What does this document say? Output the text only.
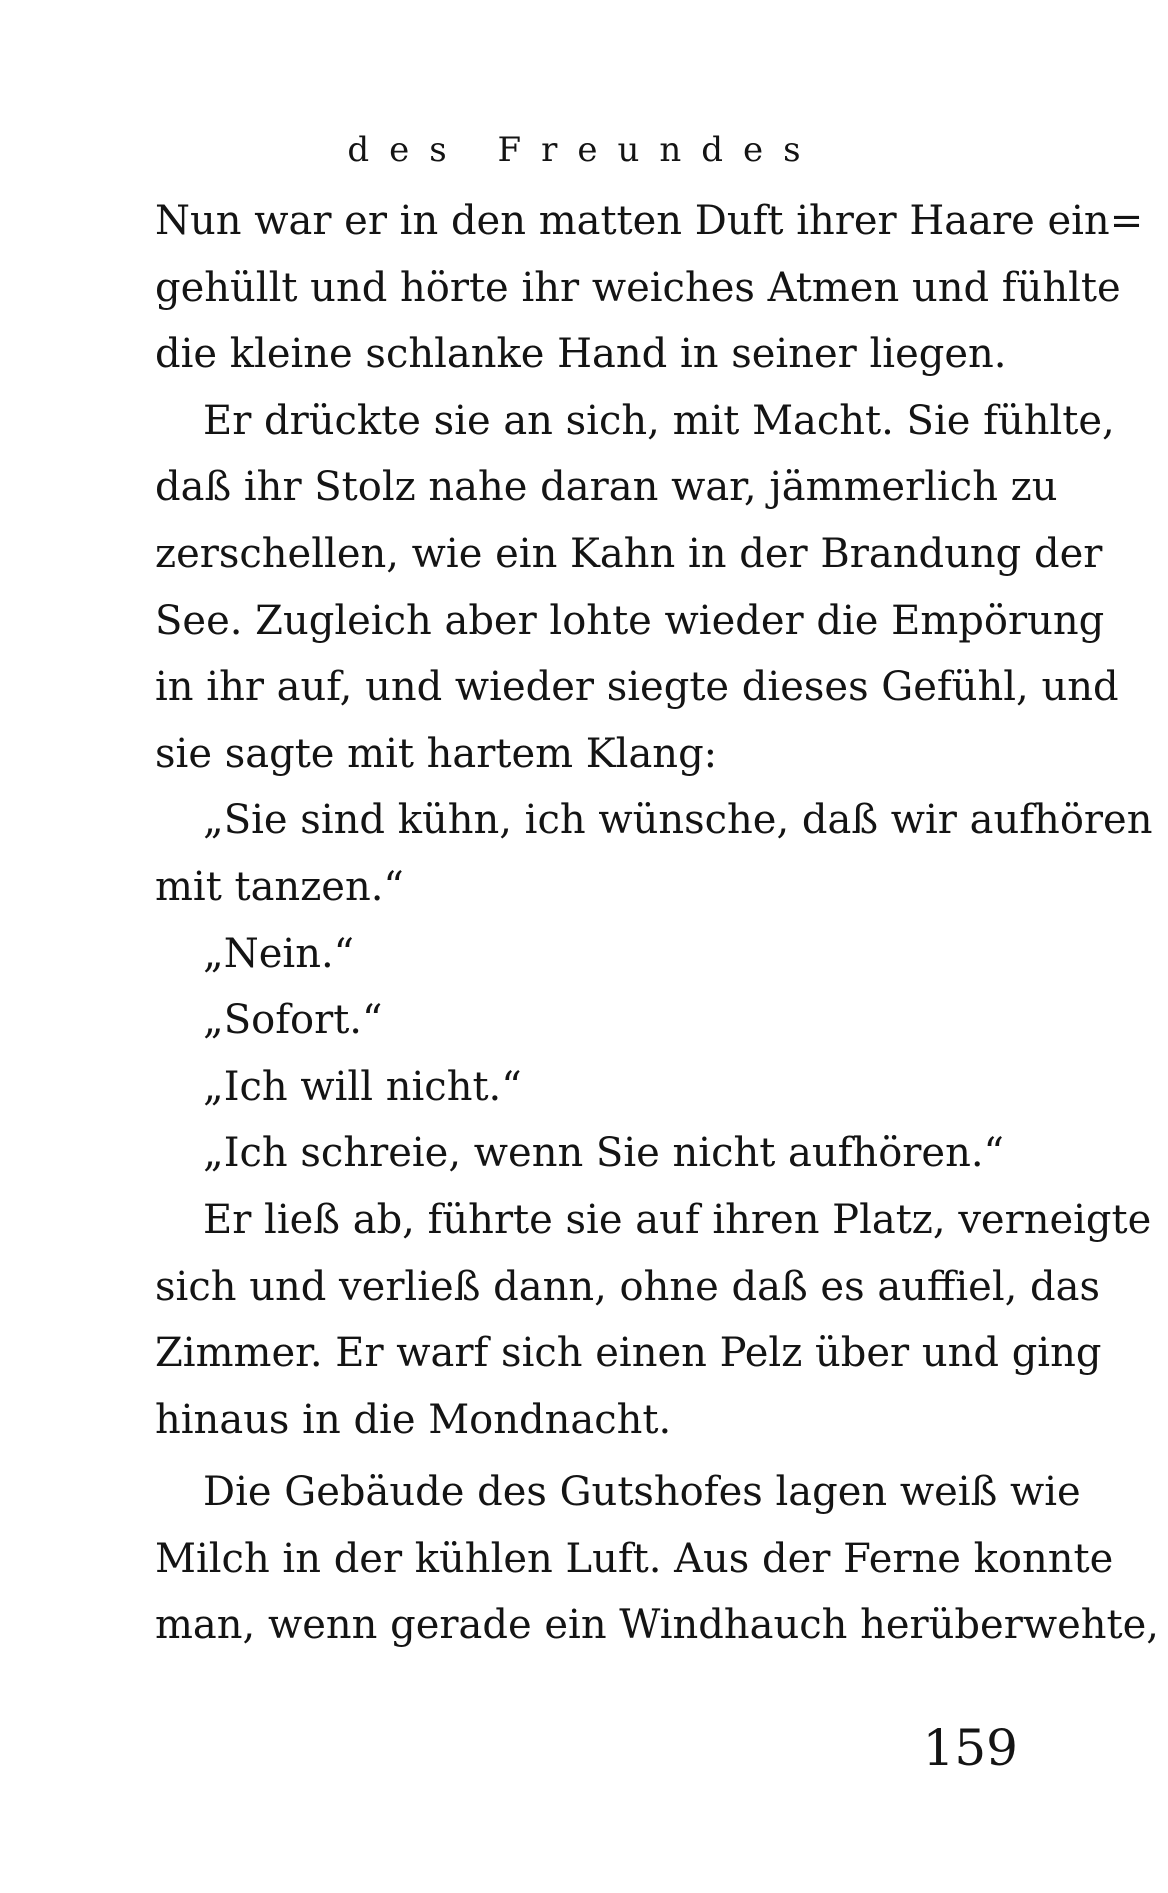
des Freundes
Nun war er in den matten Duft ihrer Haare ein=
gehüllt und hörte ihr weiches Atmen und fühlte
die kleine schlanke Hand in seiner liegen.
Er drückte sie an sich, mit Macht. Sie fühlte,
daß ihr Stolz nahe daran war, jämmerlich zu
zerschellen, wie ein Kahn in der Brandung der
See. Zugleich aber lohte wieder die Empörung
in ihr auf, und wieder siegte dieses Gefühl, und
sie sagte mit hartem Klang:
„Sie sind kühn, ich wünsche, daß wir aufhören
mit tanzen.“
„Nein.“
„Sofort.“
„Ich will nicht.“
„Ich schreie, wenn Sie nicht aufhören.“
Er ließ ab, führte sie auf ihren Platz, verneigte
sich und verließ dann, ohne daß es auffiel, das
Zimmer. Er warf sich einen Pelz über und ging
hinaus in die Mondnacht.
Die Gebäude des Gutshofes lagen weiß wie
Milch in der kühlen Luft. Aus der Ferne konnte
man, wenn gerade ein Windhauch herüberwehte,
159
